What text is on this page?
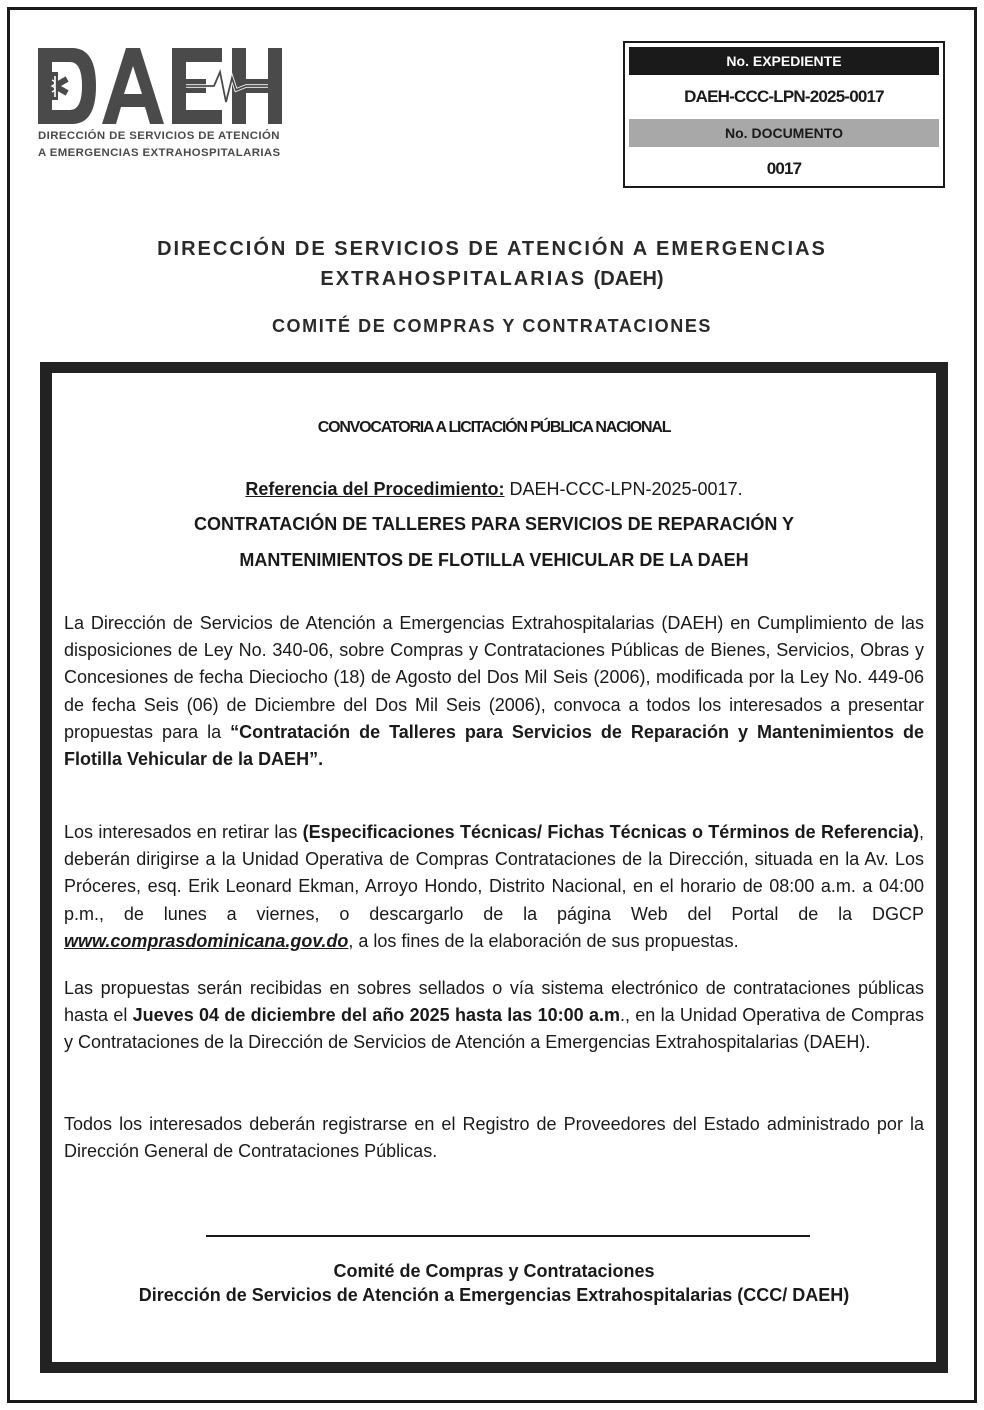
DIRECCIÓN DE SERVICIOS DE ATENCIÓN
A EMERGENCIAS EXTRAHOSPITALARIAS
No. EXPEDIENTE
DAEH-CCC-LPN-2025-0017
No. DOCUMENTO
0017
DIRECCIÓN DE SERVICIOS DE ATENCIÓN A EMERGENCIAS
EXTRAHOSPITALARIAS (DAEH)
COMITÉ DE COMPRAS Y CONTRATACIONES
CONVOCATORIA A LICITACIÓN PÚBLICA NACIONAL
Referencia del Procedimiento: DAEH-CCC-LPN-2025-0017.
CONTRATACIÓN DE TALLERES PARA SERVICIOS DE REPARACIÓN Y
MANTENIMIENTOS DE FLOTILLA VEHICULAR DE LA DAEH

La Dirección de Servicios de Atención a Emergencias Extrahospitalarias (DAEH) en Cumplimiento de las disposiciones de Ley No. 340-06, sobre Compras y Contrataciones Públicas de Bienes, Servicios, Obras y Concesiones de fecha Dieciocho (18) de Agosto del Dos Mil Seis (2006), modificada por la Ley No. 449-06 de fecha Seis (06) de Diciembre del Dos Mil Seis (2006), convoca a todos los interesados a presentar propuestas para la “Contratación de Talleres para Servicios de Reparación y Mantenimientos de Flotilla Vehicular de la DAEH”.

Los interesados en retirar las (Especificaciones Técnicas/ Fichas Técnicas o Términos de Referencia), deberán dirigirse a la Unidad Operativa de Compras Contrataciones de la Dirección, situada en la Av. Los Próceres, esq. Erik Leonard Ekman, Arroyo Hondo, Distrito Nacional, en el horario de 08:00 a.m. a 04:00 p.m., de lunes a viernes, o descargarlo de la página Web del Portal de la DGCP www.comprasdominicana.gov.do, a los fines de la elaboración de sus propuestas.

Las propuestas serán recibidas en sobres sellados o vía sistema electrónico de contrataciones públicas hasta el Jueves 04 de diciembre del año 2025 hasta las 10:00 a.m., en la Unidad Operativa de Compras y Contrataciones de la Dirección de Servicios de Atención a Emergencias Extrahospitalarias (DAEH).

Todos los interesados deberán registrarse en el Registro de Proveedores del Estado administrado por la Dirección General de Contrataciones Públicas.

Comité de Compras y Contrataciones
Dirección de Servicios de Atención a Emergencias Extrahospitalarias (CCC/ DAEH)
